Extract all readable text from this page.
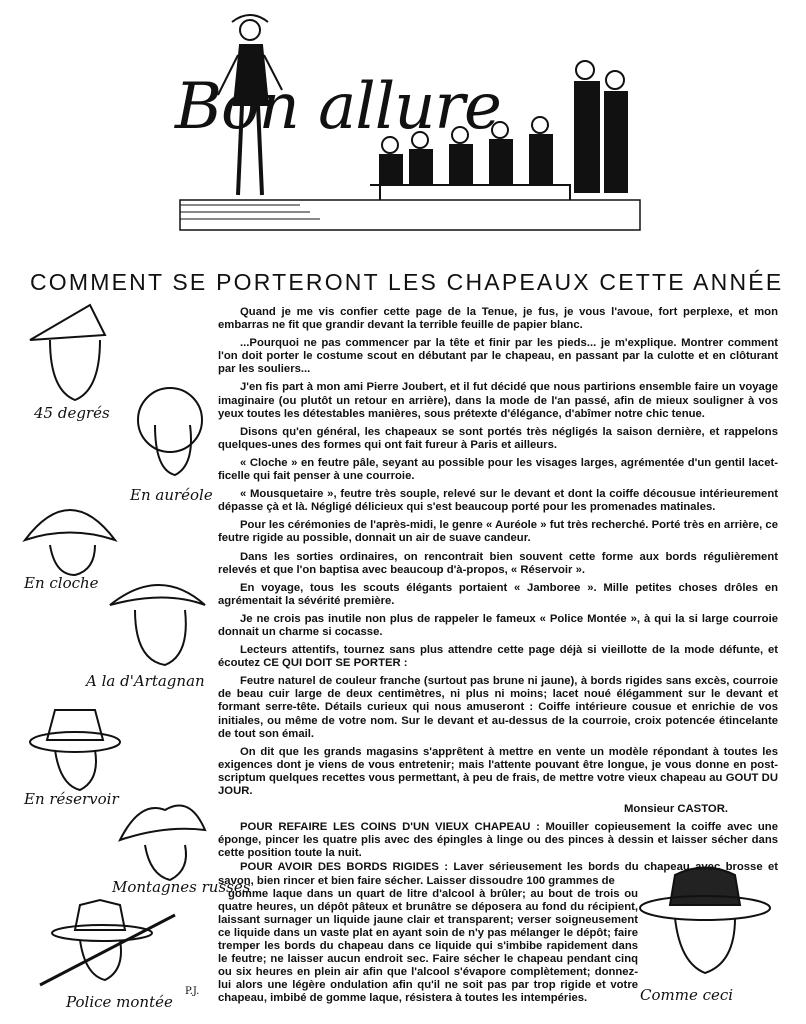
Bon allure
COMMENT SE PORTERONT LES CHAPEAUX CETTE ANNÉE
45 degrés
En auréole
En cloche
A la d'Artagnan
En réservoir
Montagnes russes
Police montée
P.J.	Comme ceci

Quand je me vis confier cette page de la Tenue, je fus, je vous l'avoue, fort perplexe, et mon embarras ne fit que grandir devant la terrible feuille de papier blanc.

...Pourquoi ne pas commencer par la tête et finir par les pieds... je m'explique. Montrer comment l'on doit porter le costume scout en débutant par le chapeau, en passant par la culotte et en clôturant par les souliers...

J'en fis part à mon ami Pierre Joubert, et il fut décidé que nous partirions ensemble faire un voyage imaginaire (ou plutôt un retour en arrière), dans la mode de l'an passé, afin de mieux souligner à vos yeux toutes les détestables manières, sous prétexte d'élégance, d'abîmer notre chic tenue.

Disons qu'en général, les chapeaux se sont portés très négligés la saison dernière, et rappelons quelques-unes des formes qui ont fait fureur à Paris et ailleurs.

« Cloche » en feutre pâle, seyant au possible pour les visages larges, agrémentée d'un gentil lacet-ficelle qui fait penser à une courroie.

« Mousquetaire », feutre très souple, relevé sur le devant et dont la coiffe décousue intérieurement dépasse çà et là. Négligé délicieux qui s'est beaucoup porté pour les promenades matinales.

Pour les cérémonies de l'après-midi, le genre « Auréole » fut très recherché. Porté très en arrière, ce feutre rigide au possible, donnait un air de suave candeur.

Dans les sorties ordinaires, on rencontrait bien souvent cette forme aux bords régulièrement relevés et que l'on baptisa avec beaucoup d'à-propos, « Réservoir ».

En voyage, tous les scouts élégants portaient « Jamboree ». Mille petites choses drôles en agrémentait la sévérité première.

Je ne crois pas inutile non plus de rappeler le fameux « Police Montée », à qui la si large courroie donnait un charme si cocasse.

Lecteurs attentifs, tournez sans plus attendre cette page déjà si vieillotte de la mode défunte, et écoutez CE QUI DOIT SE PORTER :

Feutre naturel de couleur franche (surtout pas brune ni jaune), à bords rigides sans excès, courroie de beau cuir large de deux centimètres, ni plus ni moins; lacet noué élégamment sur le devant et formant serre-tête. Détails curieux qui nous amuseront : Coiffe intérieure cousue et enrichie de vos initiales, ou même de votre nom. Sur le devant et au-dessus de la courroie, croix potencée étincelante de tout son émail.

On dit que les grands magasins s'apprêtent à mettre en vente un modèle répondant à toutes les exigences dont je viens de vous entretenir; mais l'attente pouvant être longue, je vous donne en post-scriptum quelques recettes vous permettant, à peu de frais, de mettre votre vieux chapeau au GOUT DU JOUR.

Monsieur CASTOR.

POUR REFAIRE LES COINS D'UN VIEUX CHAPEAU : Mouiller copieusement la coiffe avec une éponge, pincer les quatre plis avec des épingles à linge ou des pinces à dessin et laisser sécher dans cette position toute la nuit.

POUR AVOIR DES BORDS RIGIDES : Laver sérieusement les bords du chapeau avec brosse et savon, bien rincer et bien faire sécher. Laisser dissoudre 100 grammes de

gomme laque dans un quart de litre d'alcool à brûler; au bout de trois ou quatre heures, un dépôt pâteux et brunâtre se déposera au fond du récipient, laissant surnager un liquide jaune clair et transparent; verser soigneusement ce liquide dans un vaste plat en ayant soin de n'y pas mélanger le dépôt; faire tremper les bords du chapeau dans ce liquide qui s'imbibe rapidement dans le feutre; ne laisser aucun endroit sec. Faire sécher le chapeau pendant cinq ou six heures en plein air afin que l'alcool s'évapore complètement; donnez-lui alors une légère ondulation afin qu'il ne soit pas par trop rigide et votre chapeau, imbibé de gomme laque, résistera à toutes les intempéries.
